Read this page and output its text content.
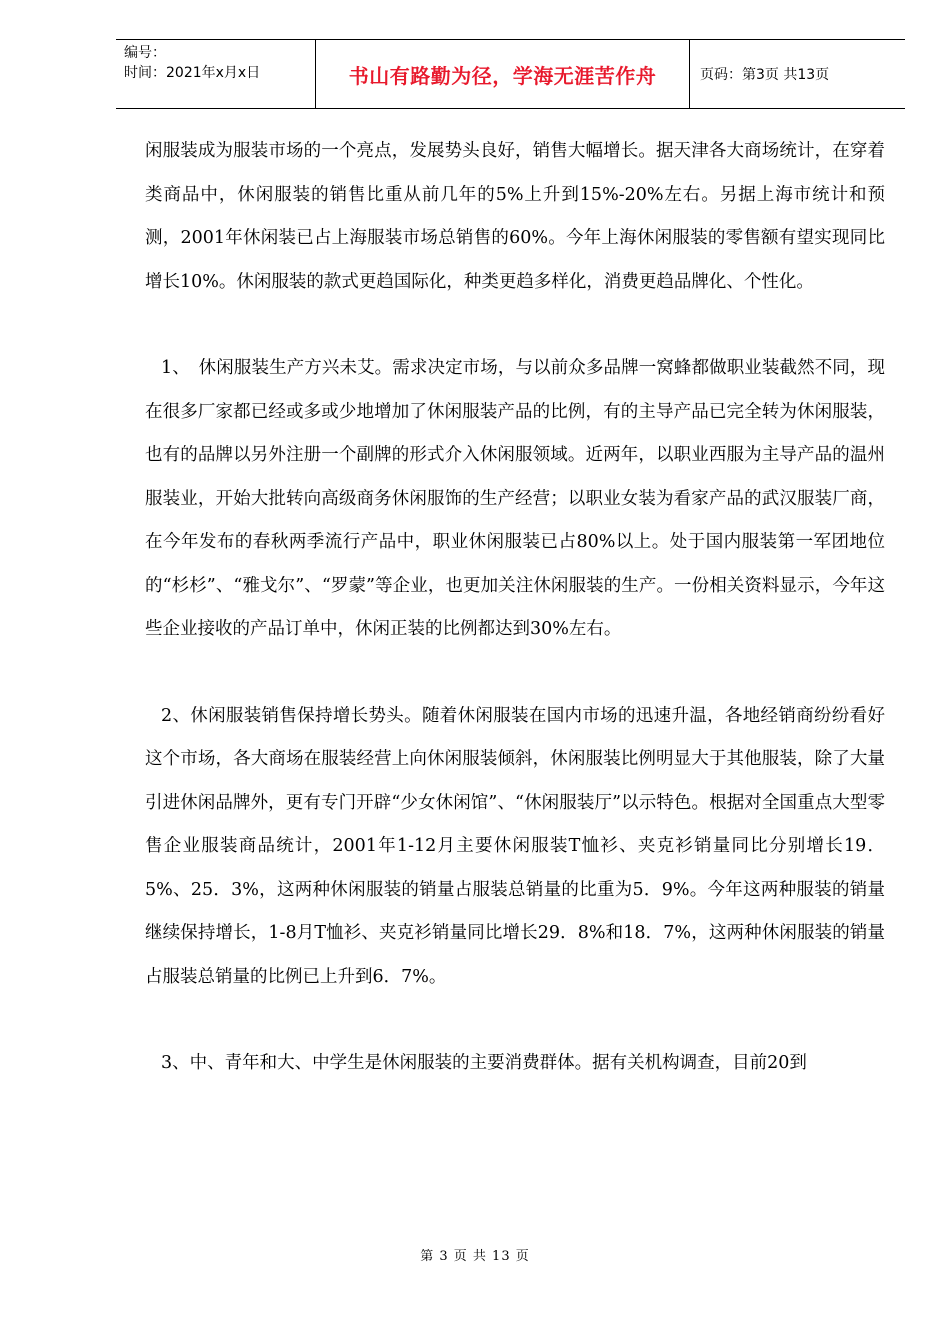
编号：
时间：2021年x月x日	书山有路勤为径，学海无涯苦作舟	页码：第3页 共13页

闲服装成为服装市场的一个亮点，发展势头良好，销售大幅增长。据天津各大商场统计，在穿着类商品中，休闲服装的销售比重从前几年的5%上升到15%-20%左右。另据上海市统计和预测，2001年休闲装已占上海服装市场总销售的60%。今年上海休闲服装的零售额有望实现同比增长10%。休闲服装的款式更趋国际化，种类更趋多样化，消费更趋品牌化、个性化。

1、　休闲服装生产方兴未艾。需求决定市场，与以前众多品牌一窝蜂都做职业装截然不同，现在很多厂家都已经或多或少地增加了休闲服装产品的比例，有的主导产品已完全转为休闲服装，也有的品牌以另外注册一个副牌的形式介入休闲服领域。近两年，以职业西服为主导产品的温州服装业，开始大批转向高级商务休闲服饰的生产经营；以职业女装为看家产品的武汉服装厂商，在今年发布的春秋两季流行产品中，职业休闲服装已占80%以上。处于国内服装第一军团地位的“杉杉”、“雅戈尔”、“罗蒙”等企业，也更加关注休闲服装的生产。一份相关资料显示，今年这些企业接收的产品订单中，休闲正装的比例都达到30%左右。

2、休闲服装销售保持增长势头。随着休闲服装在国内市场的迅速升温，各地经销商纷纷看好这个市场，各大商场在服装经营上向休闲服装倾斜，休闲服装比例明显大于其他服装，除了大量引进休闲品牌外，更有专门开辟“少女休闲馆”、“休闲服装厅”以示特色。根据对全国重点大型零售企业服装商品统计，2001年1-12月主要休闲服装T恤衫、夹克衫销量同比分别增长19．5%、25．3%，这两种休闲服装的销量占服装总销量的比重为5．9%。今年这两种服装的销量继续保持增长，1-8月T恤衫、夹克衫销量同比增长29．8%和18．7%，这两种休闲服装的销量占服装总销量的比例已上升到6．7%。

3、中、青年和大、中学生是休闲服装的主要消费群体。据有关机构调查，目前20到

第 3 页 共 13 页
